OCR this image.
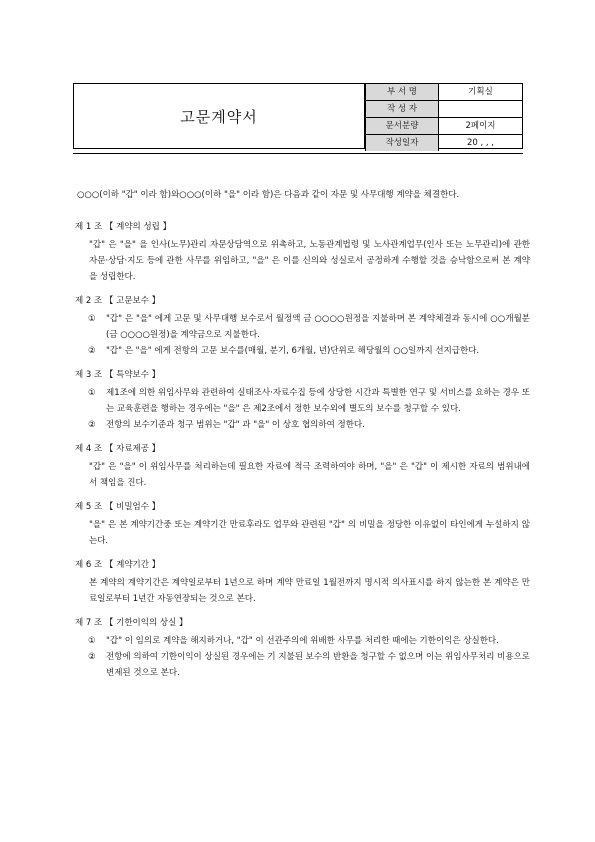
고문계약서
부 서 명	기획실
작 성 자	
문서분량	2페이지
작성일자	20 , , ,

○○○(이하 "갑" 이라 함)와○○○(이하 "을" 이라 함)은 다음과 같이 자문 및 사무대행 계약을 체결한다.

제 1 조 【 계약의 성립 】

"갑" 은 "을" 을 인사(노무)관리 자문상담역으로 위촉하고, 노동관계법령 및 노사관계업무(인사 또는 노무관리)에 관한 자문·상담·지도 등에 관한 사무를 위임하고, "을" 은 이를 신의와 성실로서 공정하게 수행할 것을 승낙함으로써 본 계약을 성립한다.

제 2 조 【 고문보수 】

①	"갑" 은 "을" 에게 고문 및 사무대행 보수로서 월정액 금 ○○○○원정을 지불하며 본 계약체결과 동시에 ○○개월분(금 ○○○○원정)을 계약금으로 지불한다.
②	"갑" 은 "을" 에게 전항의 고문 보수를(매월, 분기, 6개월, 년)단위로 해당월의 ○○일까지 선지급한다.

제 3 조 【 특약보수 】

①	제1조에 의한 위임사무와 관련하여 실태조사·자료수집 등에 상당한 시간과 특별한 연구 및 서비스를 요하는 경우 또는 교육훈련을 행하는 경우에는 "을" 은 제2조에서 정한 보수외에 별도의 보수를 청구할 수 있다.
②	전항의 보수기준과 청구 범위는 "갑" 과 "을" 이 상호 협의하여 정한다.

제 4 조 【 자료제공 】

"갑" 은 "을" 이 위임사무를 처리하는데 필요한 자료에 적극 조력하여야 하며, "을" 은 "갑" 이 제시한 자료의 범위내에서 책임을 진다.

제 5 조 【 비밀엄수 】

"을" 은 본 계약기간중 또는 계약기간 만료후라도 업무와 관련된 "갑" 의 비밀을 정당한 이유없이 타인에게 누설하지 않는다.

제 6 조 【 계약기간 】

본 계약의 계약기간은 계약일로부터 1년으로 하며 계약 만료일 1월전까지 명시적 의사표시를 하지 않는한 본 계약은 만료일로부터 1년간 자동연장되는 것으로 본다.

제 7 조 【 기한이익의 상실 】

①	"갑" 이 임의로 계약을 해지하거나, "갑" 이 선관주의에 위배한 사무를 처리한 때에는 기한이익은 상실한다.
②	전항에 의하여 기한이익이 상실된 경우에는 기 지불된 보수의 반환을 청구할 수 없으며 이는 위임사무처리 비용으로 변제된 것으로 본다.
